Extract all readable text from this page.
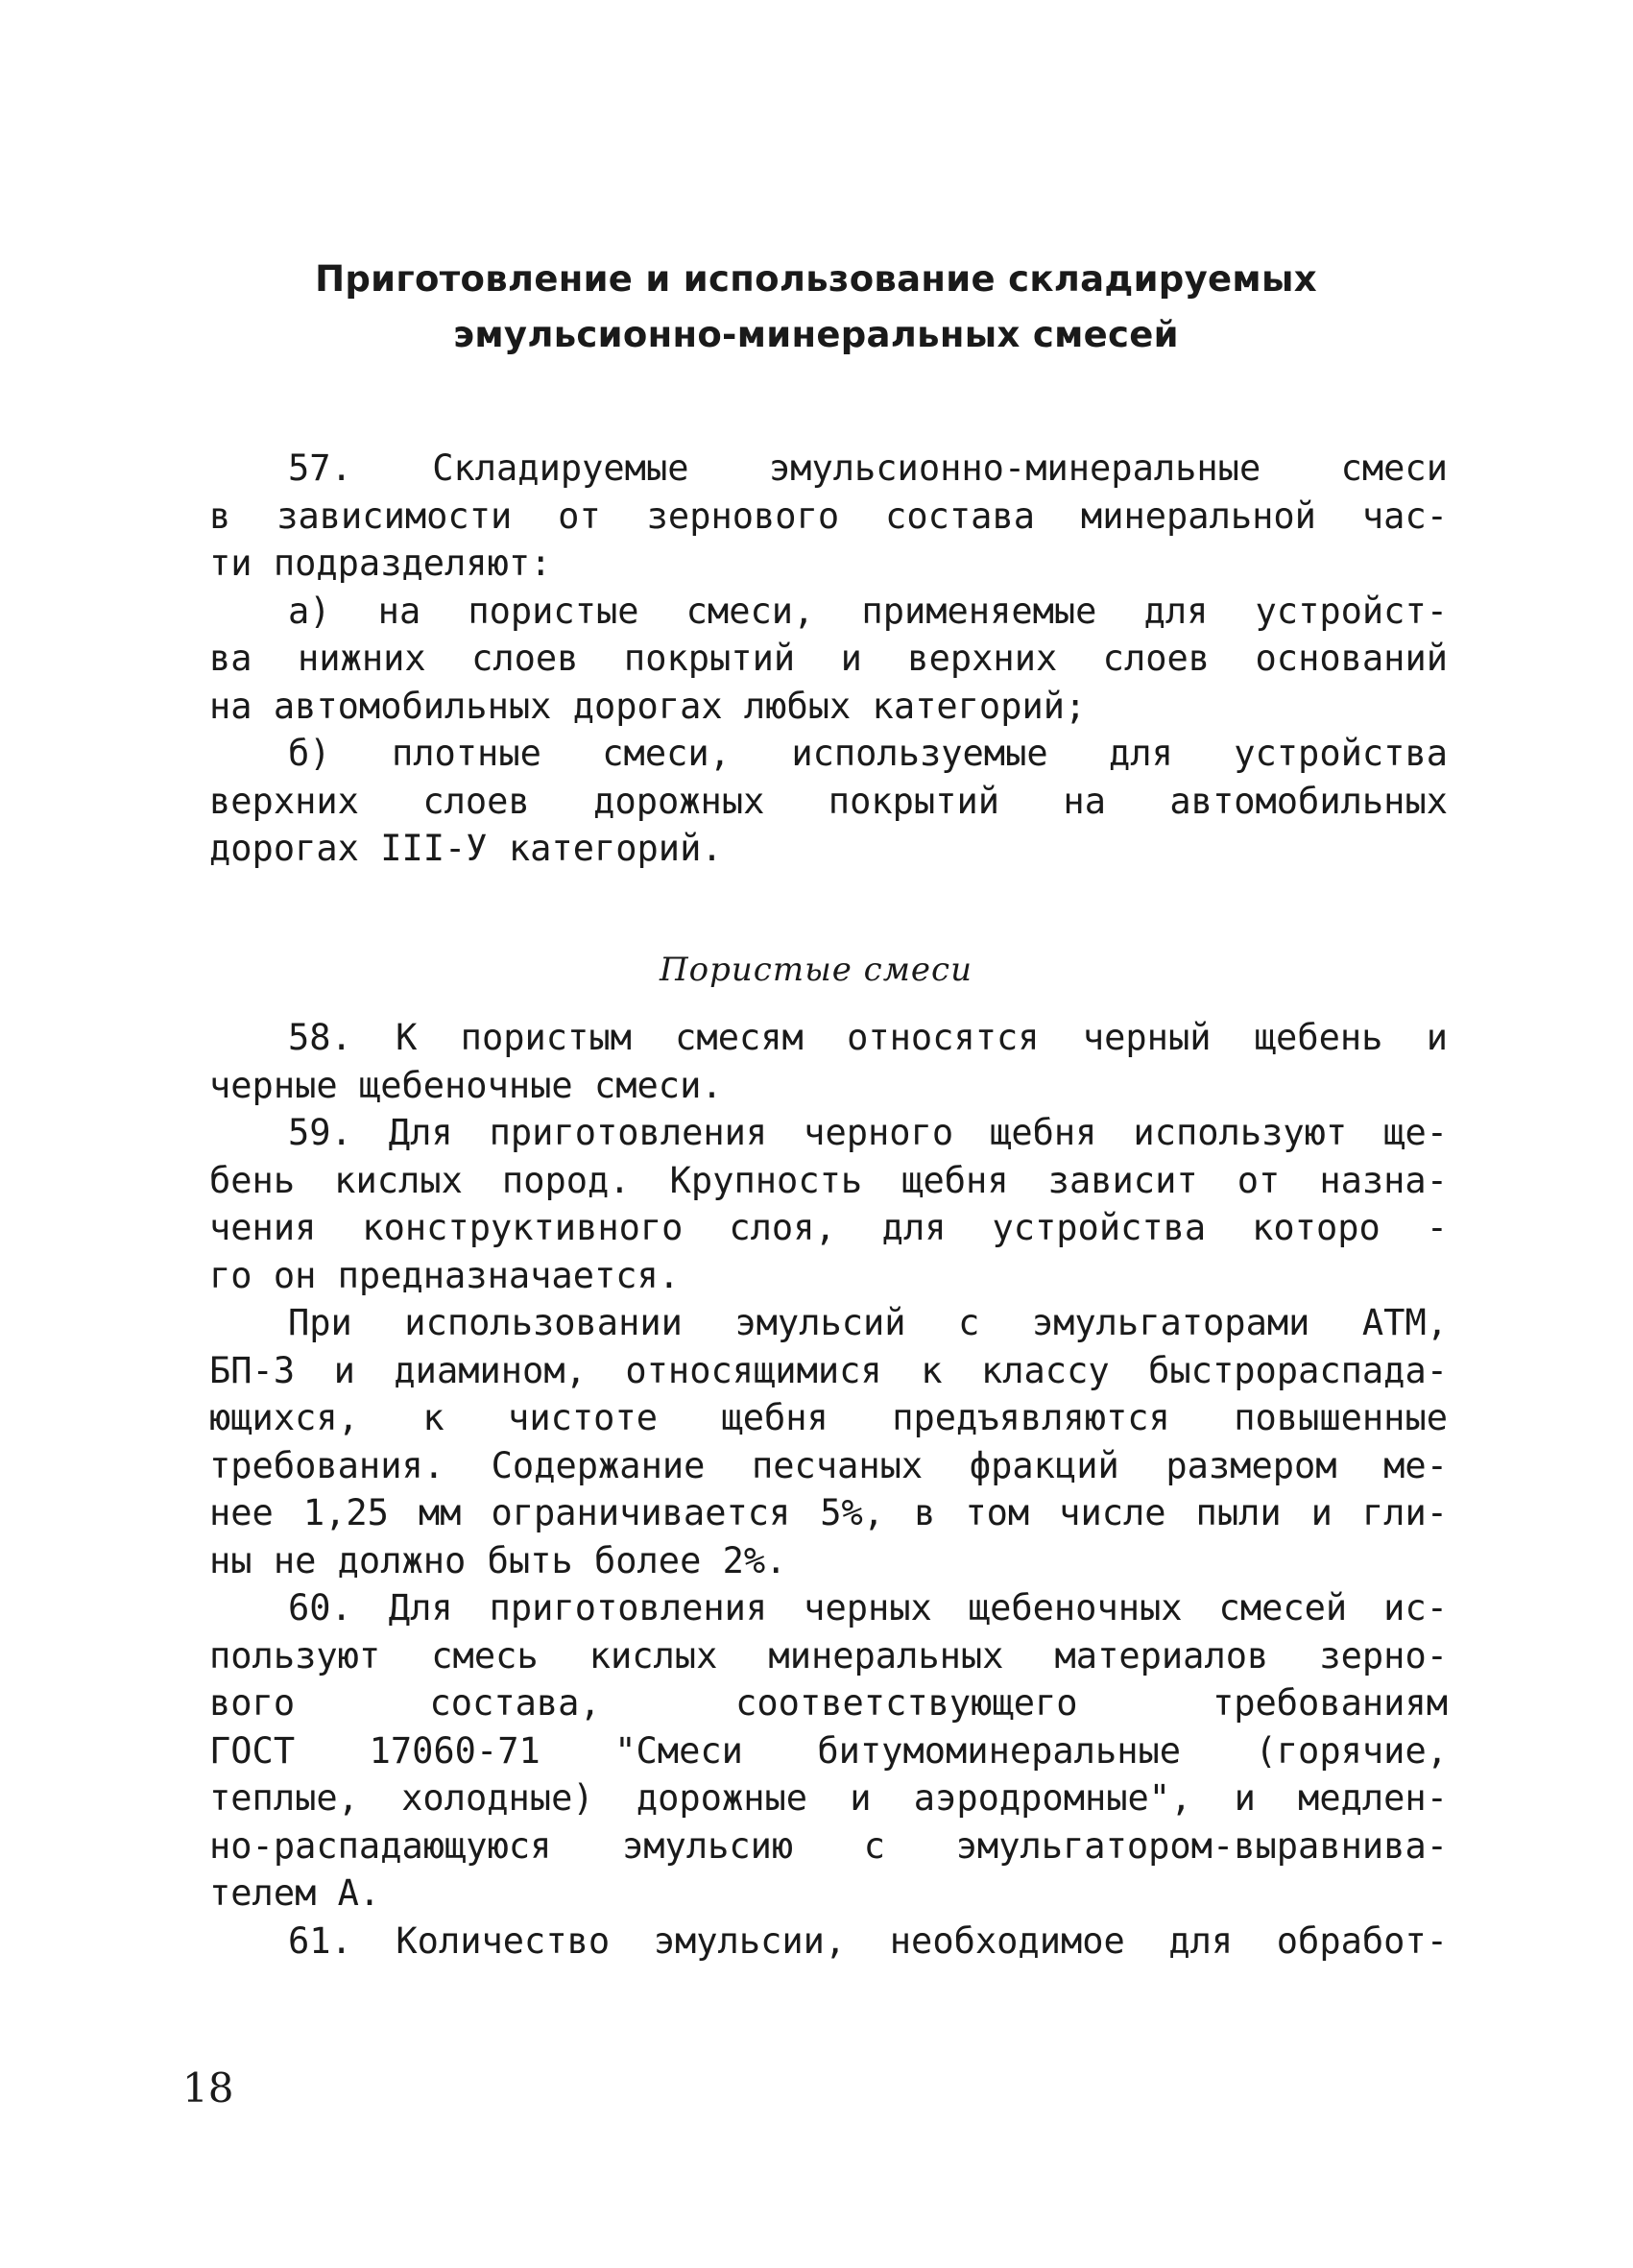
Приготовление и использование складируемых
эмульсионно-минеральных смесей
57. Складируемые эмульсионно-минеральные смеси
в зависимости от зернового состава минеральной час-
ти подразделяют:
а) на пористые смеси, применяемые для устройст-
ва нижних слоев покрытий и верхних слоев оснований
на автомобильных дорогах любых категорий;
б) плотные смеси, используемые для устройства
верхних слоев дорожных покрытий на автомобильных
дорогах III-У категорий.
Пористые смеси
58. К пористым смесям относятся черный щебень и
черные щебеночные смеси.
59. Для приготовления черного щебня используют ще-
бень кислых пород. Крупность щебня зависит от назна-
чения конструктивного слоя, для устройства которо -
го он предназначается.
При использовании эмульсий с эмульгаторами АТМ,
БП-3 и диамином, относящимися к классу быстрораспада-
ющихся, к чистоте щебня предъявляются повышенные
требования. Содержание песчаных фракций размером ме-
нее 1,25 мм ограничивается 5%, в том числе пыли и гли-
ны не должно быть более 2%.
60. Для приготовления черных щебеночных смесей ис-
пользуют смесь кислых минеральных материалов зерно-
вого состава, соответствующего требованиям
ГОСТ 17060-71 "Смеси битумоминеральные (горячие,
теплые, холодные) дорожные и аэродромные", и медлен-
но-распадающуюся эмульсию с эмульгатором-выравнива-
телем А.
61. Количество эмульсии, необходимое для обработ-
18
